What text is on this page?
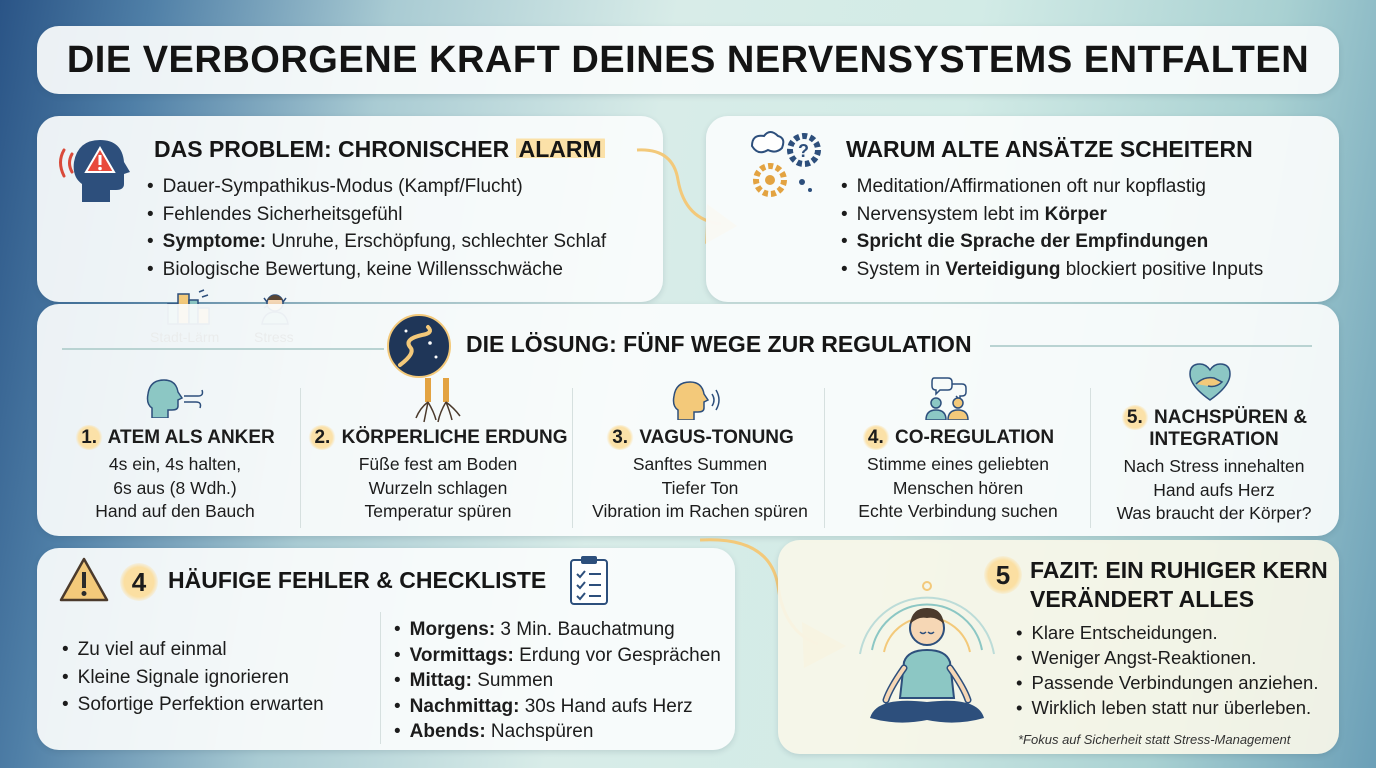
DIE VERBORGENE KRAFT DEINES NERVENSYSTEMS ENTFALTEN
DAS PROBLEM: CHRONISCHER ALARM
• Dauer-Sympathikus-Modus (Kampf/Flucht)
• Fehlendes Sicherheitsgefühl
• Symptome: Unruhe, Erschöpfung, schlechter Schlaf
• Biologische Bewertung, keine Willensschwäche
? WARUM ALTE ANSÄTZE SCHEITERN
• Meditation/Affirmationen oft nur kopflastig
• Nervensystem lebt im Körper
• Spricht die Sprache der Empfindungen
• System in Verteidigung blockiert positive Inputs
DIE LÖSUNG: FÜNF WEGE ZUR REGULATION
1. ATEM ALS ANKER
4s ein, 4s halten,
6s aus (8 Wdh.)
Hand auf den Bauch
2. KÖRPERLICHE ERDUNG
Füße fest am Boden
Wurzeln schlagen
Temperatur spüren
3. VAGUS-TONUNG
Sanftes Summen
Tiefer Ton
Vibration im Rachen spüren
4. CO-REGULATION
Stimme eines geliebten
Menschen hören
Echte Verbindung suchen
5. NACHSPÜREN &
INTEGRATION
Nach Stress innehalten
Hand aufs Herz
Was braucht der Körper?
4 HÄUFIGE FEHLER & CHECKLISTE
• Zu viel auf einmal
• Kleine Signale ignorieren
• Sofortige Perfektion erwarten
• Morgens: 3 Min. Bauchatmung
• Vormittags: Erdung vor Gesprächen
• Mittag: Summen
• Nachmittag: 30s Hand aufs Herz
• Abends: Nachspüren
5 FAZIT: EIN RUHIGER KERN
VERÄNDERT ALLES
• Klare Entscheidungen.
• Weniger Angst-Reaktionen.
• Passende Verbindungen anziehen.
• Wirklich leben statt nur überleben.
*Fokus auf Sicherheit statt Stress-Management
